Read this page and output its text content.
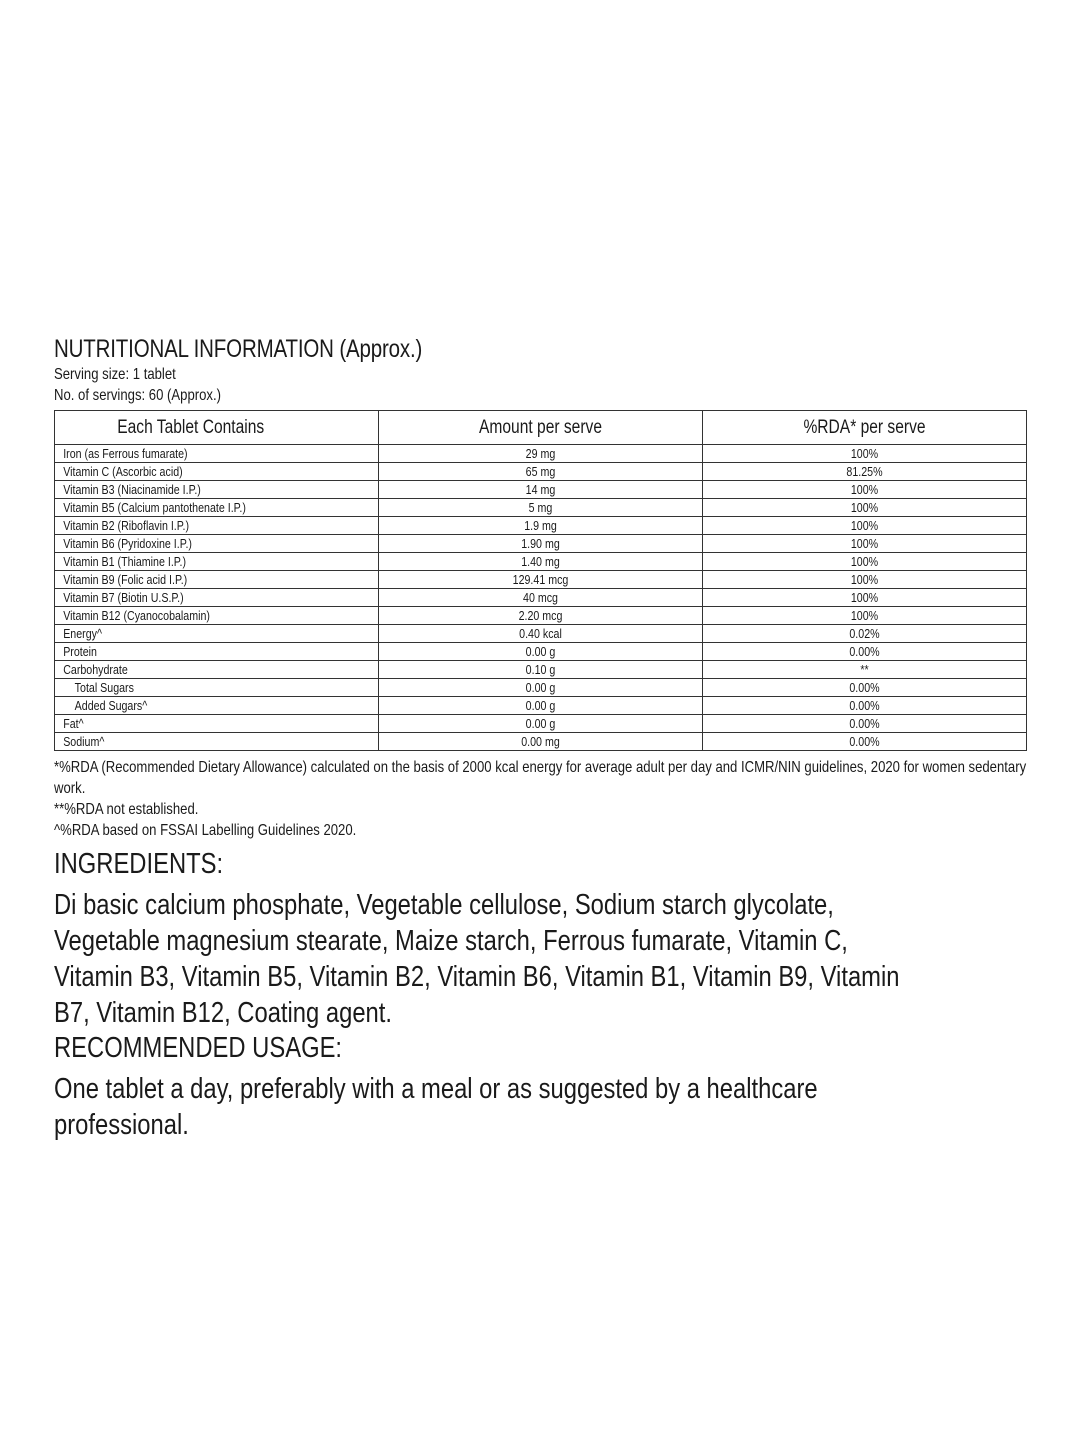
NUTRITIONAL INFORMATION (Approx.)
Serving size: 1 tablet
No. of servings: 60 (Approx.)
Each Tablet Contains	Amount per serve	%RDA* per serve

Iron (as Ferrous fumarate)	29 mg	100%

Vitamin C (Ascorbic acid)	65 mg	81.25%

Vitamin B3 (Niacinamide I.P.)	14 mg	100%

Vitamin B5 (Calcium pantothenate I.P.)	5 mg	100%

Vitamin B2 (Riboflavin I.P.)	1.9 mg	100%

Vitamin B6 (Pyridoxine I.P.)	1.90 mg	100%

Vitamin B1 (Thiamine I.P.)	1.40 mg	100%

Vitamin B9 (Folic acid I.P.)	129.41 mcg	100%

Vitamin B7 (Biotin U.S.P.)	40 mcg	100%

Vitamin B12 (Cyanocobalamin)	2.20 mcg	100%

Energy^	0.40 kcal	0.02%

Protein	0.00 g	0.00%

Carbohydrate	0.10 g	**

Total Sugars	0.00 g	0.00%

Added Sugars^	0.00 g	0.00%

Fat^	0.00 g	0.00%

Sodium^	0.00 mg	0.00%

*%RDA (Recommended Dietary Allowance) calculated on the basis of 2000 kcal energy for average adult per day and ICMR/NIN guidelines, 2020 for women sedentary work.

**%RDA not established.

^%RDA based on FSSAI Labelling Guidelines 2020.

INGREDIENTS:
Di basic calcium phosphate, Vegetable cellulose, Sodium starch glycolate, Vegetable magnesium stearate, Maize starch, Ferrous fumarate, Vitamin C, Vitamin B3, Vitamin B5, Vitamin B2, Vitamin B6, Vitamin B1, Vitamin B9, Vitamin B7, Vitamin B12, Coating agent.
RECOMMENDED USAGE:
One tablet a day, preferably with a meal or as suggested by a healthcare professional.
